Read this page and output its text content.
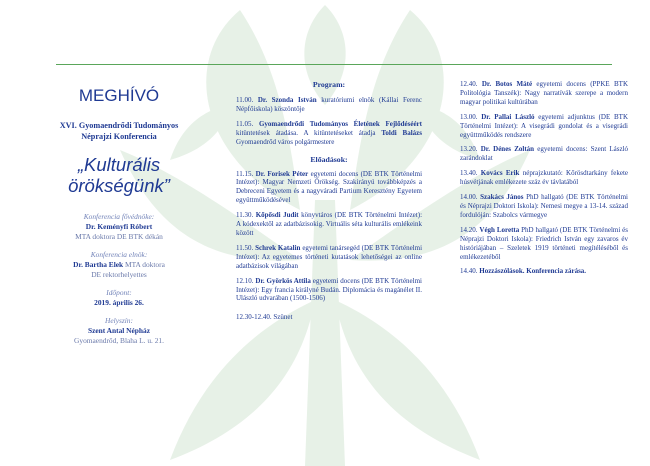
MEGHÍVÓ
XVI. Gyomaendrődi Tudományos
Néprajzi Konferencia
„Kulturális
örökségünk”
Konferencia fővédnöke:
Dr. Keményfi Róbert
MTA doktora DE BTK dékán
Konferencia elnök:
Dr. Bartha Elek MTA doktora
DE rektorhelyettes
Időpont:
2019. április 26.
Helyszín:
Szent Antal Népház
Gyomaendrőd, Blaha L. u. 21.
Program:
11.00. Dr. Szonda István kuratóriumi elnök (Kállai Ferenc Népfőiskola) köszöntője
11.05. Gyomaendrődi Tudományos Életének Fejlődéséért kitüntetések átadása. A kitüntetéseket átadja Toldi Balázs Gyomaendrőd város polgármestere
Előadások:
11.15. Dr. Forisek Péter egyetemi docens (DE BTK Történelmi Intézet): Magyar Nemzeti Örökség. Szakirányú továbbképzés a Debreceni Egyetem és a nagyváradi Partium Keresztény Egyetem együttműködésével
11.30. Kőpősdi Judit könyvtáros (DE BTK Történelmi Intézet): A kódexektől az adatbázisokig. Virtuális séta kulturális emlékeink között
11.50. Schrek Katalin egyetemi tanársegéd (DE BTK Történelmi Intézet): Az egyetemes történeti kutatások lehetőségei az online adatbázisok világában
12.10. Dr. Györkös Attila egyetemi docens (DE BTK Történelmi Intézet): Egy francia királyné Budán. Diplomácia és magánélet II. Ulászló udvarában (1500-1506)
12.30-12.40. Szünet
12.40. Dr. Botos Máté egyetemi docens (PPKE BTK Politológia Tanszék): Nagy narratívák szerepe a modern magyar politikai kultúrában
13.00. Dr. Pallai László egyetemi adjunktus (DE BTK Történelmi Intézet): A visegrádi gondolat és a visegrádi együttműködés rendszere
13.20. Dr. Dénes Zoltán egyetemi docens: Szent László zarándoklat
13.40. Kovács Erik néprajzkutató: Kőrösdtarkány fekete húsvétjának emlékezete száz év távlatából
14.00. Szakács János PhD hallgató (DE BTK Történelmi és Néprajzi Doktori Iskola): Nemesi megye a 13-14. század fordulóján: Szabolcs vármegye
14.20. Végh Loretta PhD hallgató (DE BTK Történelmi és Néprajzi Doktori Iskola): Friedrich István egy zavaros év históriájában – Szeletek 1919 történeti megítéléséből és emlékezetéből
14.40. Hozzászólások. Konferencia zárása.
